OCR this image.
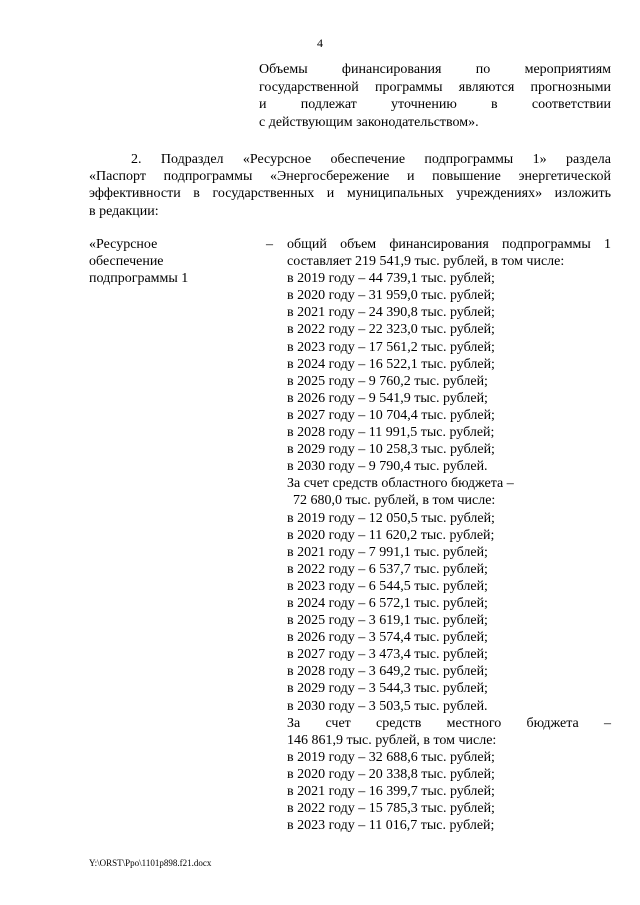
4
Объемы финансирования по мероприятиям
государственной программы являются прогнозными
и подлежат уточнению в соответствии
с действующим законодательством».
2. Подраздел «Ресурсное обеспечение подпрограммы 1» раздела
«Паспорт подпрограммы «Энергосбережение и повышение энергетической
эффективности в государственных и муниципальных учреждениях» изложить
в редакции:
«Ресурсное
обеспечение
подпрограммы 1
– общий объем финансирования подпрограммы 1
составляет 219 541,9 тыс. рублей, в том числе:
в 2019 году – 44 739,1 тыс. рублей;
в 2020 году – 31 959,0 тыс. рублей;
в 2021 году – 24 390,8 тыс. рублей;
в 2022 году – 22 323,0 тыс. рублей;
в 2023 году – 17 561,2 тыс. рублей;
в 2024 году – 16 522,1 тыс. рублей;
в 2025 году – 9 760,2 тыс. рублей;
в 2026 году – 9 541,9 тыс. рублей;
в 2027 году – 10 704,4 тыс. рублей;
в 2028 году – 11 991,5 тыс. рублей;
в 2029 году – 10 258,3 тыс. рублей;
в 2030 году – 9 790,4 тыс. рублей.
За счет средств областного бюджета –
72 680,0 тыс. рублей, в том числе:
в 2019 году – 12 050,5 тыс. рублей;
в 2020 году – 11 620,2 тыс. рублей;
в 2021 году – 7 991,1 тыс. рублей;
в 2022 году – 6 537,7 тыс. рублей;
в 2023 году – 6 544,5 тыс. рублей;
в 2024 году – 6 572,1 тыс. рублей;
в 2025 году – 3 619,1 тыс. рублей;
в 2026 году – 3 574,4 тыс. рублей;
в 2027 году – 3 473,4 тыс. рублей;
в 2028 году – 3 649,2 тыс. рублей;
в 2029 году – 3 544,3 тыс. рублей;
в 2030 году – 3 503,5 тыс. рублей.
За счет средств местного бюджета –
146 861,9 тыс. рублей, в том числе:
в 2019 году – 32 688,6 тыс. рублей;
в 2020 году – 20 338,8 тыс. рублей;
в 2021 году – 16 399,7 тыс. рублей;
в 2022 году – 15 785,3 тыс. рублей;
в 2023 году – 11 016,7 тыс. рублей;
Y:\ORST\Ppo\1101p898.f21.docx
